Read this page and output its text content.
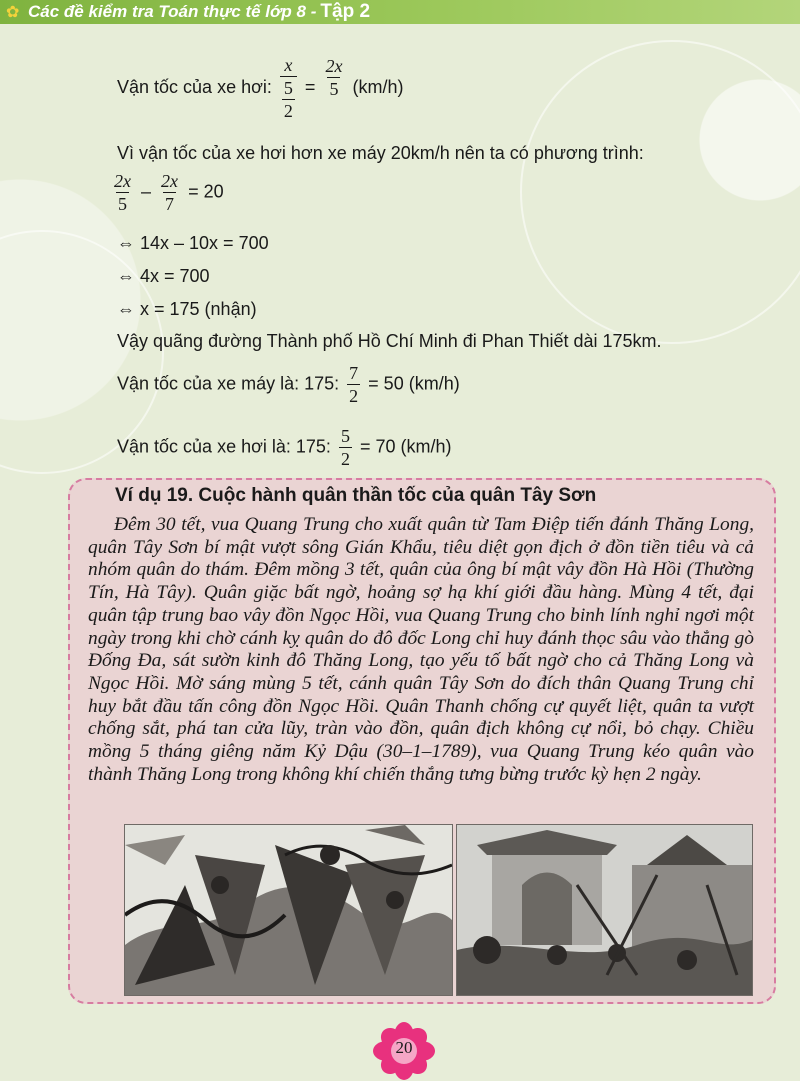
✿ Các đề kiểm tra Toán thực tế lớp 8 - Tập 2
Vận tốc của xe hơi: $\frac{x}{\frac{5}{2}} = \frac{2x}{5} (km/h)$
Vì vận tốc của xe hơi hơn xe máy 20km/h nên ta có phương trình:
$\frac{2x}{5} - \frac{2x}{7} = 20$
⇔ 14x – 10x = 700
⇔ 4x = 700
⇔ x = 175 (nhận)
Vậy quãng đường Thành phố Hồ Chí Minh đi Phan Thiết dài 175km.
Vận tốc của xe máy là: 175: $\frac{7}{2} = 50$ (km/h)
Vận tốc của xe hơi là: 175: $\frac{5}{2} = 70$ (km/h)
Ví dụ 19. Cuộc hành quân thần tốc của quân Tây Sơn
Đêm 30 tết, vua Quang Trung cho xuất quân từ Tam Điệp tiến đánh Thăng Long, quân Tây Sơn bí mật vượt sông Gián Khẩu, tiêu diệt gọn địch ở đồn tiền tiêu và cả nhóm quân do thám. Đêm mồng 3 tết, quân của ông bí mật vây đồn Hà Hồi (Thường Tín, Hà Tây). Quân giặc bất ngờ, hoảng sợ hạ khí giới đầu hàng. Mùng 4 tết, đại quân tập trung bao vây đồn Ngọc Hồi, vua Quang Trung cho binh lính nghỉ ngơi một ngày trong khi chờ cánh kỵ quân do đô đốc Long chỉ huy đánh thọc sâu vào thẳng gò Đống Đa, sát sườn kinh đô Thăng Long, tạo yếu tố bất ngờ cho cả Thăng Long và Ngọc Hồi. Mờ sáng mùng 5 tết, cánh quân Tây Sơn do đích thân Quang Trung chỉ huy bắt đầu tấn công đồn Ngọc Hồi. Quân Thanh chống cự quyết liệt, quân ta vượt chống sắt, phá tan cửa lũy, tràn vào đồn, quân địch không cự nổi, bỏ chạy. Chiều mồng 5 tháng giêng năm Kỷ Dậu (30–1–1789), vua Quang Trung kéo quân vào thành Thăng Long trong không khí chiến thắng tưng bừng trước kỳ hẹn 2 ngày.
20
